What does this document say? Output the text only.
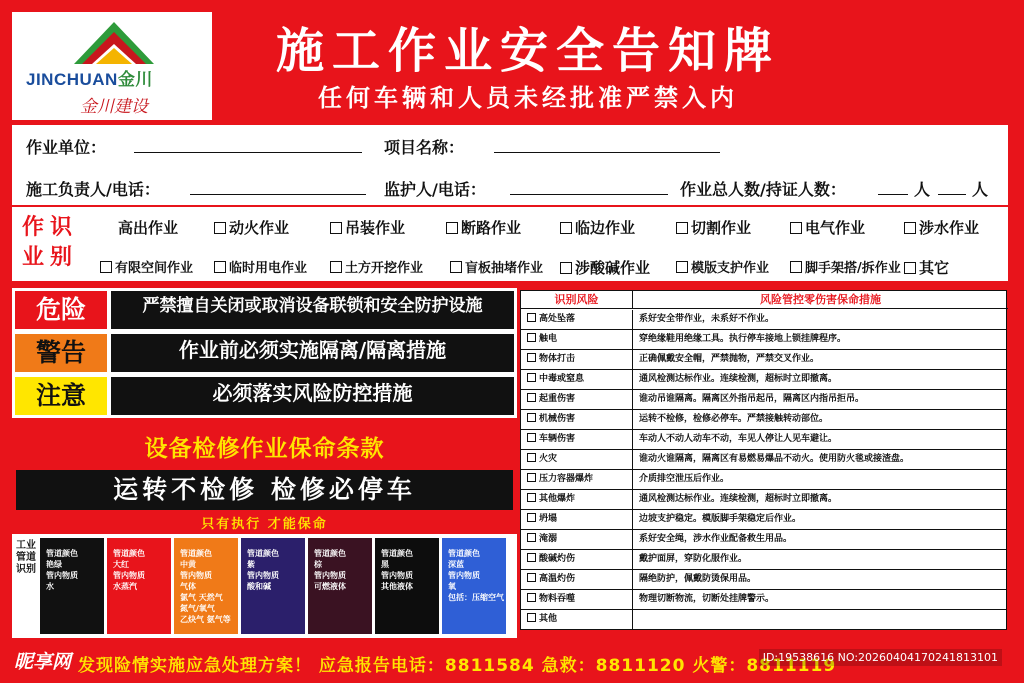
JINCHUAN金川
金川建设
施工作业安全告知牌
任何车辆和人员未经批准严禁入内
作业单位：	项目名称：
施工负责人/电话：	监护人/电话：	作业总人数/持证人数：	人	人
作识业别
高出作业	动火作业	吊装作业	断路作业	临边作业	切割作业	电气作业	涉水作业
有限空间作业	临时用电作业	土方开挖作业	盲板抽堵作业	涉酸碱作业	模版支护作业	脚手架搭/拆作业	其它
危险	严禁擅自关闭或取消设备联锁和安全防护设施
警告	作业前必须实施隔离/隔离措施
注意	必须落实风险防控措施
设备检修作业保命条款
运转不检修 检修必停车
只有执行 才能保命
工业管道识别
管道颜色
艳绿
管内物质
水
管道颜色
大红
管内物质
水蒸汽
管道颜色
中黄
管内物质
气体
氯气 天然气
氮气/氧气
乙炔气 氨气等
管道颜色
紫
管内物质
酸和碱
管道颜色
棕
管内物质
可燃液体
管道颜色
黑
管内物质
其他液体
管道颜色
深蓝
管内物质
氧
包括：压缩空气
识别风险	风险管控零伤害保命措施
高处坠落	系好安全带作业，未系好不作业。
触电	穿绝缘鞋用绝缘工具。执行停车接地上锁挂牌程序。
物体打击	正确佩戴安全帽，严禁抛物，严禁交叉作业。
中毒或窒息	通风检测达标作业。连续检测，超标时立即撤离。
起重伤害	谁动吊谁隔离。隔离区外指吊起吊，隔离区内指吊拒吊。
机械伤害	运转不检修，检修必停车。严禁接触转动部位。
车辆伤害	车动人不动人动车不动，车见人停让人见车避让。
火灾	谁动火谁隔离，隔离区有易燃易爆品不动火。使用防火毯或接渣盘。
压力容器爆炸	介质排空泄压后作业。
其他爆炸	通风检测达标作业。连续检测，超标时立即撤离。
坍塌	边坡支护稳定。模版脚手架稳定后作业。
淹溺	系好安全绳，涉水作业配备救生用品。
酸碱灼伤	戴护面屏，穿防化服作业。
高温灼伤	隔绝防护，佩戴防烫保用品。
物料吞噬	物理切断物流，切断处挂牌警示。
其他
昵享网 发现险情实施应急处理方案！ 应急报告电话：8811584 急救：8811120 火警：8811119
ID:19538616 NO:20260404170241813101
